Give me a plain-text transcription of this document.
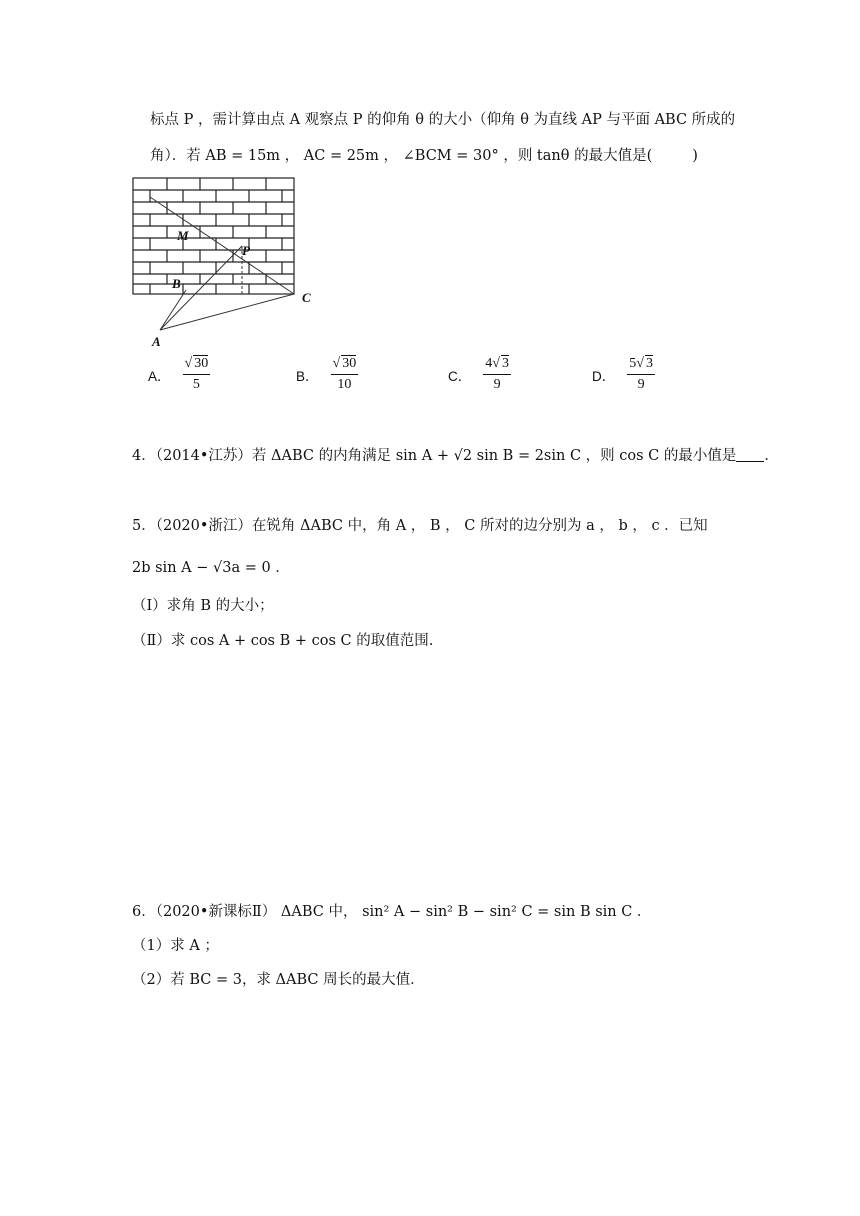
标点 P ，需计算由点 A 观察点 P 的仰角 θ 的大小（仰角 θ 为直线 AP 与平面 ABC 所成的
角）．若 AB = 15m ， AC = 25m ， ∠BCM = 30° ，则 tanθ 的最大值是(	)
M
P
B
C
A
A． $\frac{√ 30}{5}$	B． $\frac{√ 30}{10}$	C． $\frac{4√ 3}{9}$	D． $\frac{5√ 3}{9}$
4．（2014•江苏）若 ΔABC 的内角满足 sin A + √2 sin B = 2sin C ，则 cos C 的最小值是 ．
5．（2020•浙江）在锐角 ΔABC 中，角 A ， B ， C 所对的边分别为 a ， b ， c ．已知
2b sin A − √3a = 0 ．
（Ⅰ）求角 B 的大小；
（Ⅱ）求 cos A + cos B + cos C 的取值范围.
6．（2020•新课标Ⅱ） ΔABC 中， sin² A − sin² B − sin² C = sin B sin C ．
（1）求 A ；
（2）若 BC = 3，求 ΔABC 周长的最大值．
